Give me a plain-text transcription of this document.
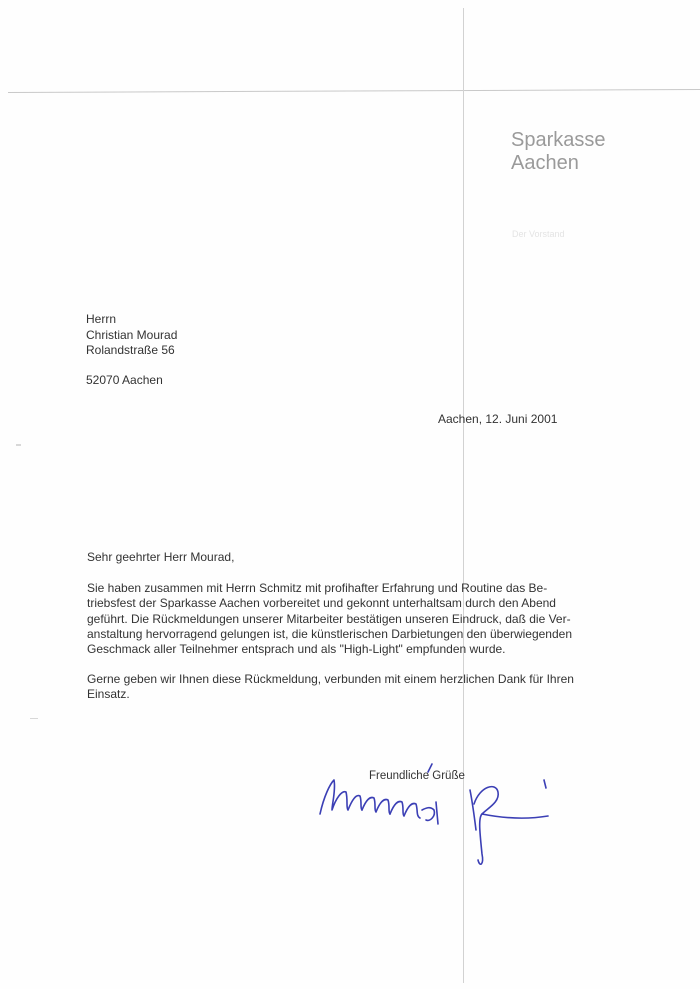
Sparkasse
Aachen
Der Vorstand
Herrn
Christian Mourad
Rolandstraße 56
52070 Aachen
Aachen, 12. Juni 2001

Sehr geehrter Herr Mourad,

Sie haben zusammen mit Herrn Schmitz mit profihafter Erfahrung und Routine das Be-
triebsfest der Sparkasse Aachen vorbereitet und gekonnt unterhaltsam durch den Abend
geführt. Die Rückmeldungen unserer Mitarbeiter bestätigen unseren Eindruck, daß die Ver-
anstaltung hervorragend gelungen ist, die künstlerischen Darbietungen den überwiegenden
Geschmack aller Teilnehmer entsprach und als "High-Light" empfunden wurde.

Gerne geben wir Ihnen diese Rückmeldung, verbunden mit einem herzlichen Dank für Ihren
Einsatz.

Freundliche Grüße
